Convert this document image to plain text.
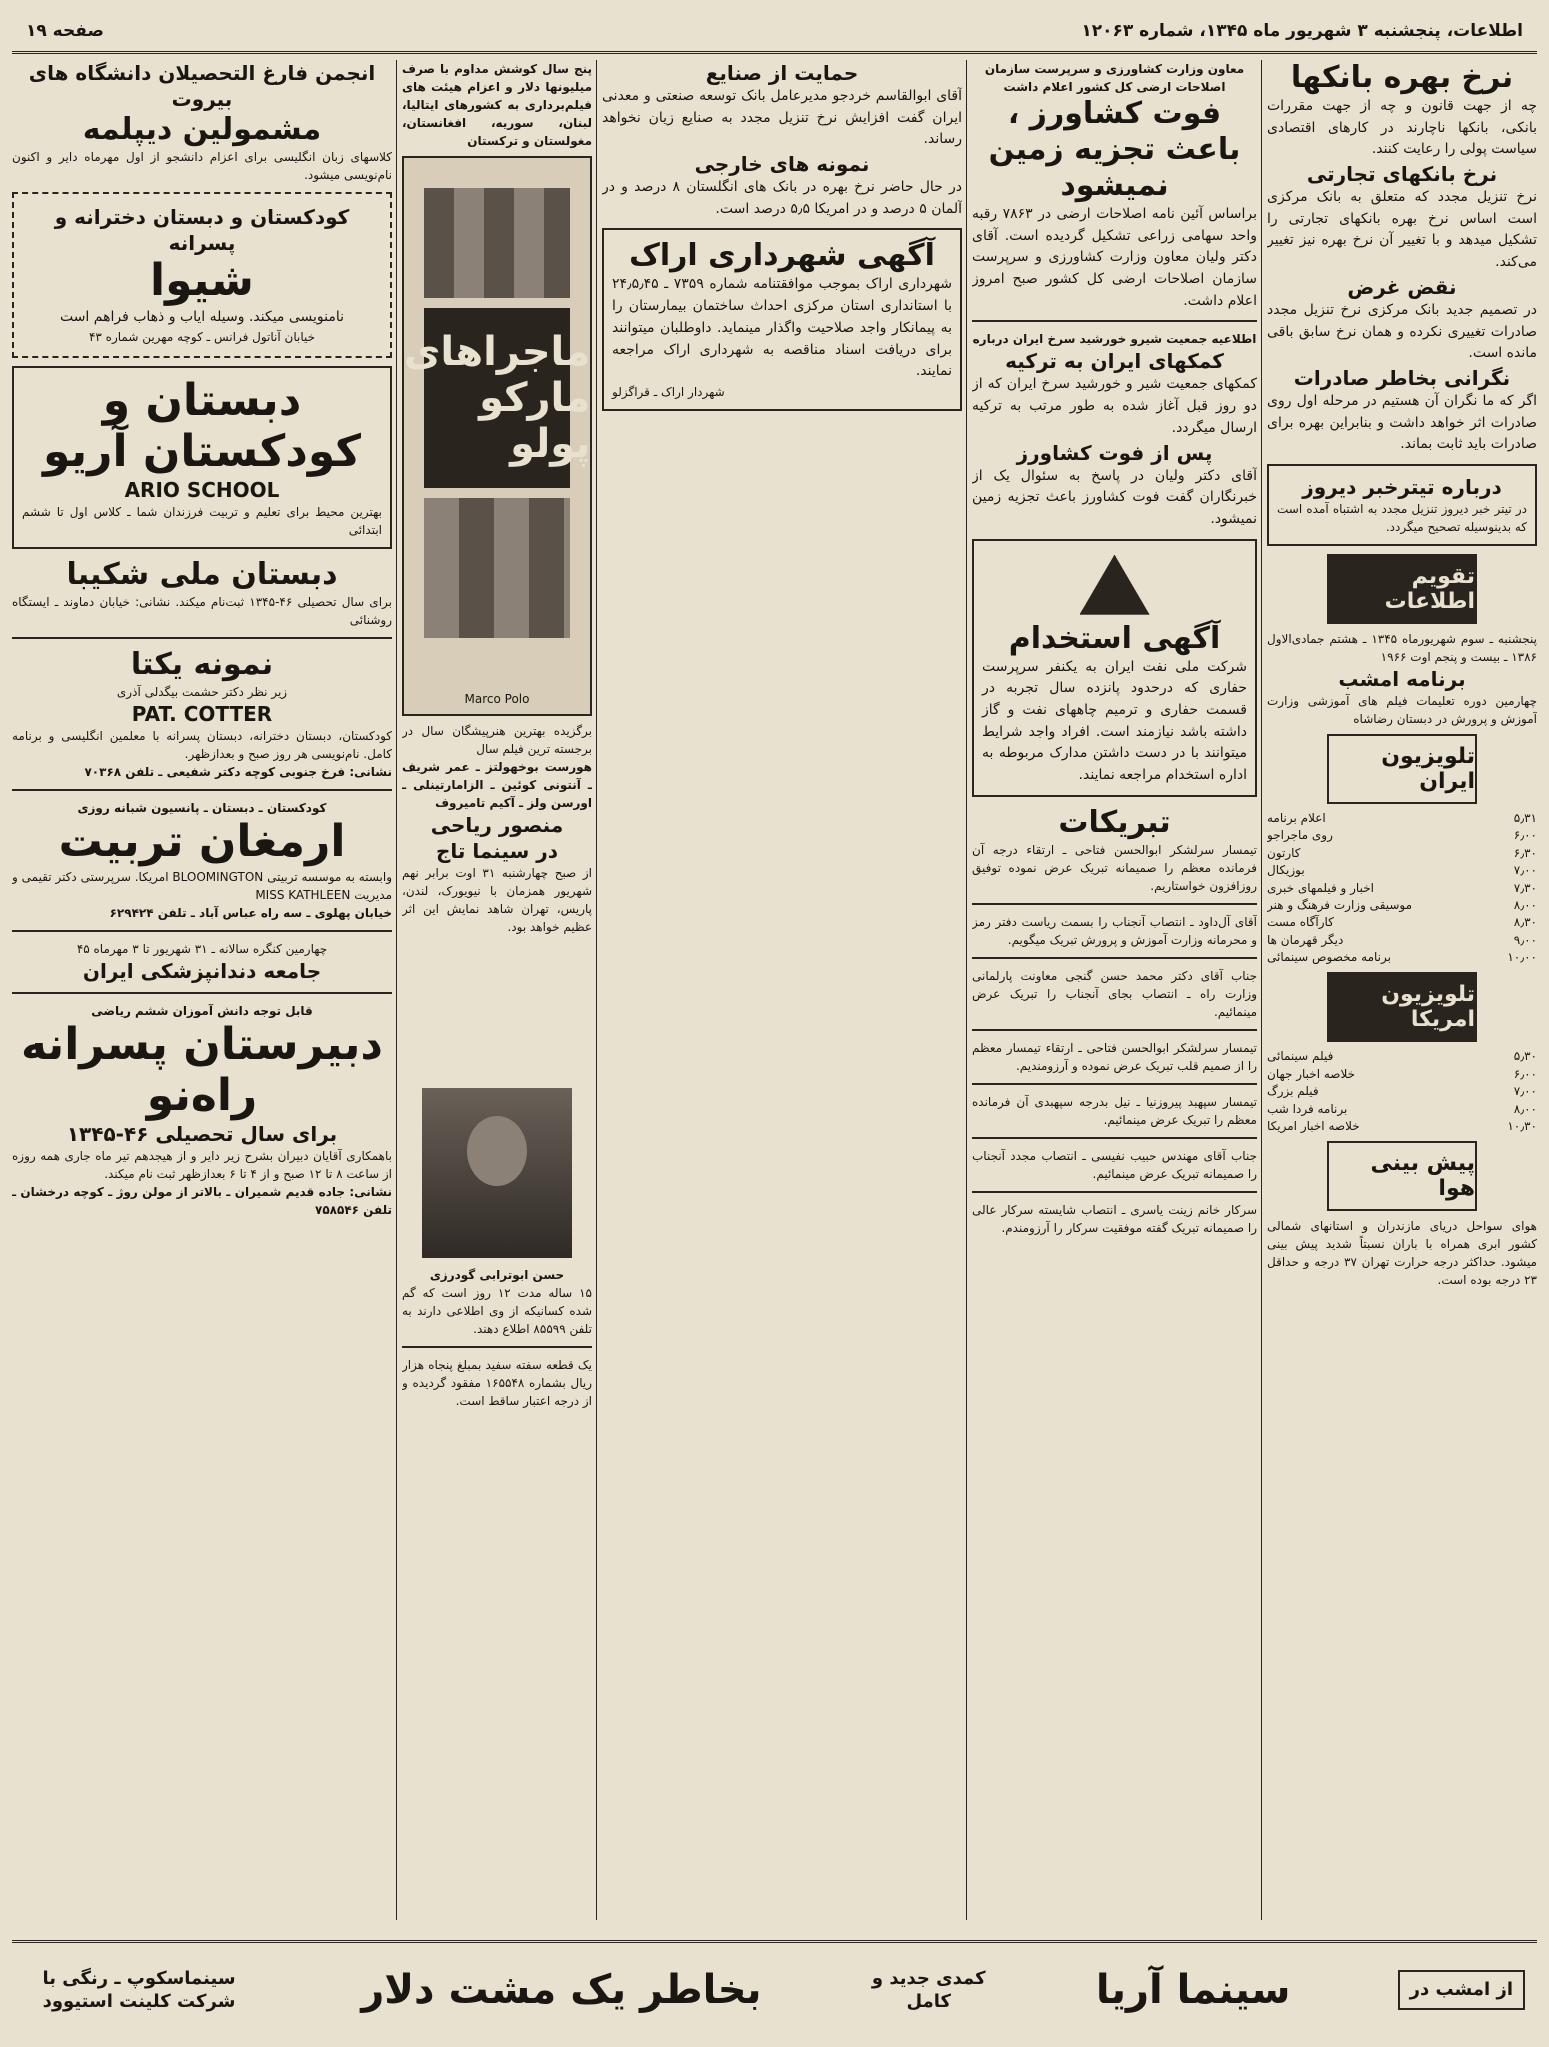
اطلاعات، پنجشنبه ۳ شهریور ماه ۱۳۴۵، شماره ۱۲۰۶۳
صفحه ۱۹
نرخ بهره بانکها

چه از جهت قانون و چه از جهت مقررات بانکی، بانکها ناچارند در کارهای اقتصادی سیاست پولی را رعایت کنند.

نرخ بانکهای تجارتی

نرخ تنزیل مجدد که متعلق به بانک مرکزی است اساس نرخ بهره بانکهای تجارتی را تشکیل میدهد و با تغییر آن نرخ بهره نیز تغییر می‌کند.

نقض غرض

در تصمیم جدید بانک مرکزی نرخ تنزیل مجدد صادرات تغییری نکرده و همان نرخ سابق باقی مانده است.

نگرانی بخاطر صادرات

اگر که ما نگران آن هستیم در مرحله اول روی صادرات اثر خواهد داشت و بنابراین بهره برای صادرات باید ثابت بماند.

درباره تیترخبر دیروز

در تیتر خبر دیروز تنزیل مجدد به اشتباه آمده است که بدینوسیله تصحیح میگردد.

تقویم اطلاعات

پنجشنبه ـ سوم شهریورماه ۱۳۴۵ ـ هشتم جمادی‌الاول ۱۳۸۶ ـ بیست و پنجم اوت ۱۹۶۶

برنامه امشب

چهارمین دوره تعلیمات فیلم های آموزشی وزارت آموزش و پرورش در دبستان رضاشاه

تلویزیون ایران
۵٫۳۱
اعلام برنامه
۶٫۰۰
روی ماجراجو
۶٫۳۰
کارتون
۷٫۰۰
بوزیکال
۷٫۳۰
اخبار و فیلمهای خبری
۸٫۰۰
موسیقی وزارت فرهنگ و هنر
۸٫۳۰
کارآگاه مست
۹٫۰۰
دیگر قهرمان ها
۱۰٫۰۰
برنامه مخصوص سینمائی
تلویزیون امریکا
۵٫۳۰
فیلم سینمائی
۶٫۰۰
خلاصه اخبار جهان
۷٫۰۰
فیلم بزرگ
۸٫۰۰
برنامه فردا شب
۱۰٫۳۰
خلاصه اخبار امریکا
پیش بینی هوا

هوای سواحل دریای مازندران و استانهای شمالی کشور ابری همراه با باران نسبتاً شدید پیش بینی میشود. حداکثر درجه حرارت تهران ۳۷ درجه و حداقل ۲۳ درجه بوده است.

معاون وزارت کشاورزی و سرپرست سازمان اصلاحات ارضی کل کشور اعلام داشت

فوت کشاورز ، باعث تجزیه زمین نمیشود

براساس آئین نامه اصلاحات ارضی در ۷۸۶۳ رقبه واحد سهامی زراعی تشکیل گردیده است. آقای دکتر ولیان معاون وزارت کشاورزی و سرپرست سازمان اصلاحات ارضی کل کشور صبح امروز اعلام داشت.

اطلاعیه جمعیت شیرو خورشید سرخ ایران درباره

کمکهای ایران به ترکیه

کمکهای جمعیت شیر و خورشید سرخ ایران که از دو روز قبل آغاز شده به طور مرتب به ترکیه ارسال میگردد.

پس از فوت کشاورز

آقای دکتر ولیان در پاسخ به سئوال یک از خبرنگاران گفت فوت کشاورز باعث تجزیه زمین نمیشود.

آگهی استخدام

شرکت ملی نفت ایران به یکنفر سرپرست حفاری که درحدود پانزده سال تجربه در قسمت حفاری و ترمیم چاههای نفت و گاز داشته باشد نیازمند است. افراد واجد شرایط میتوانند با در دست داشتن مدارک مربوطه به اداره استخدام مراجعه نمایند.

تبریکات

تیمسار سرلشکر ابوالحسن فتاحی ـ ارتقاء درجه آن فرمانده معظم را صمیمانه تبریک عرض نموده توفیق روزافزون خواستاریم.

آقای آل‌داود ـ انتصاب آنجناب را بسمت ریاست دفتر رمز و محرمانه وزارت آموزش و پرورش تبریک میگویم.

جناب آقای دکتر محمد حسن گنجی معاونت پارلمانی وزارت راه ـ انتصاب بجای آنجناب را تبریک عرض مینمائیم.

تیمسار سرلشکر ابوالحسن فتاحی ـ ارتقاء تیمسار معظم را از صمیم قلب تبریک عرض نموده و آرزومندیم.

تیمسار سپهبد پیروزنیا ـ نیل بدرجه سپهبدی آن فرمانده معظم را تبریک عرض مینمائیم.

جناب آقای مهندس حبیب نفیسی ـ انتصاب مجدد آنجناب را صمیمانه تبریک عرض مینمائیم.

سرکار خانم زینت یاسری ـ انتصاب شایسته سرکار عالی را صمیمانه تبریک گفته موفقیت سرکار را آرزومندم.

حمایت از صنایع

آقای ابوالقاسم خردجو مدیرعامل بانک توسعه صنعتی و معدنی ایران گفت افزایش نرخ تنزیل مجدد به صنایع زیان نخواهد رساند.

نمونه های خارجی

در حال حاضر نرخ بهره در بانک های انگلستان ۸ درصد و در آلمان ۵ درصد و در امریکا ۵٫۵ درصد است.

آگهی شهرداری اراک

شهرداری اراک بموجب موافقتنامه شماره ۷۳۵۹ ـ ۲۴٫۵٫۴۵ با استانداری استان مرکزی احداث ساختمان بیمارستان را به پیمانکار واجد صلاحیت واگذار مینماید. داوطلبان میتوانند برای دریافت اسناد مناقصه به شهرداری اراک مراجعه نمایند.

شهردار اراک ـ قراگزلو

پنج سال کوشش مداوم با صرف میلیونها دلار و اعزام هیئت های فیلم‌برداری به کشورهای ایتالیا، لبنان، سوریه، افغانستان، مغولستان و ترکستان

ماجراهای مارکو پولو
Marco Polo

برگزیده بهترین هنرپیشگان سال در برجسته ترین فیلم سال

هورست بوخهولتز ـ عمر شریف ـ آنتونی کوئین ـ الزامارتینلی ـ اورسن ولز ـ آکیم تامیروف

منصور ریاحی

در سینما تاج

از صبح چهارشنبه ۳۱ اوت برابر نهم شهریور همزمان با نیویورک، لندن، پاریس، تهران شاهد نمایش این اثر عظیم خواهد بود.

حسن ابوترابی گودرزی

۱۵ ساله مدت ۱۲ روز است که گم شده کسانیکه از وی اطلاعی دارند به تلفن ۸۵۵۹۹ اطلاع دهند.

یک قطعه سفته سفید بمبلغ پنجاه هزار ریال بشماره ۱۶۵۵۴۸ مفقود گردیده و از درجه اعتبار ساقط است.

انجمن فارغ التحصیلان دانشگاه های بیروت
مشمولین دیپلمه

کلاسهای زبان انگلیسی برای اعزام دانشجو از اول مهرماه دایر و اکنون نام‌نویسی میشود.

کودکستان و دبستان دخترانه و پسرانه
شیوا

نامنویسی میکند. وسیله ایاب و ذهاب فراهم است

خیابان آناتول فرانس ـ کوچه مهرین شماره ۴۳

دبستان و کودکستان آریو

ARIO SCHOOL

بهترین محیط برای تعلیم و تربیت فرزندان شما ـ کلاس اول تا ششم ابتدائی

دبستان ملی شکیبا

برای سال تحصیلی ۴۶-۱۳۴۵ ثبت‌نام میکند. نشانی: خیابان دماوند ـ ایستگاه روشنائی

نمونه یکتا

زیر نظر دکتر حشمت بیگدلی آذری

PAT. COTTER

کودکستان، دبستان دخترانه، دبستان پسرانه با معلمین انگلیسی و برنامه کامل. نام‌نویسی هر روز صبح و بعدازظهر.

نشانی: فرخ جنوبی کوچه دکتر شفیعی ـ تلفن ۷۰۳۶۸

کودکستان ـ دبستان ـ پانسیون شبانه روزی

ارمغان تربیت

وابسته به موسسه تربیتی BLOOMINGTON امریکا. سرپرستی دکتر تقیمی و مدیریت MISS KATHLEEN

خیابان پهلوی ـ سه راه عباس آباد ـ تلفن ۶۲۹۴۲۴

چهارمین کنگره سالانه ـ ۳۱ شهریور تا ۳ مهرماه ۴۵

جامعه دندانپزشکی ایران

قابل توجه دانش آموزان ششم ریاضی

دبیرستان پسرانه راه‌نو

برای سال تحصیلی ۴۶-۱۳۴۵

باهمکاری آقایان دبیران بشرح زیر دایر و از هیجدهم تیر ماه جاری همه روزه از ساعت ۸ تا ۱۲ صبح و از ۴ تا ۶ بعدازظهر ثبت نام میکند.

نشانی: جاده قدیم شمیران ـ بالاتر از مولن روژ ـ کوچه درخشان ـ تلفن ۷۵۸۵۴۶

از امشب در
سینما آریا
کمدی جدید و کامل
بخاطر یک مشت دلار
سینماسکوپ ـ رنگی با شرکت کلینت استیوود
